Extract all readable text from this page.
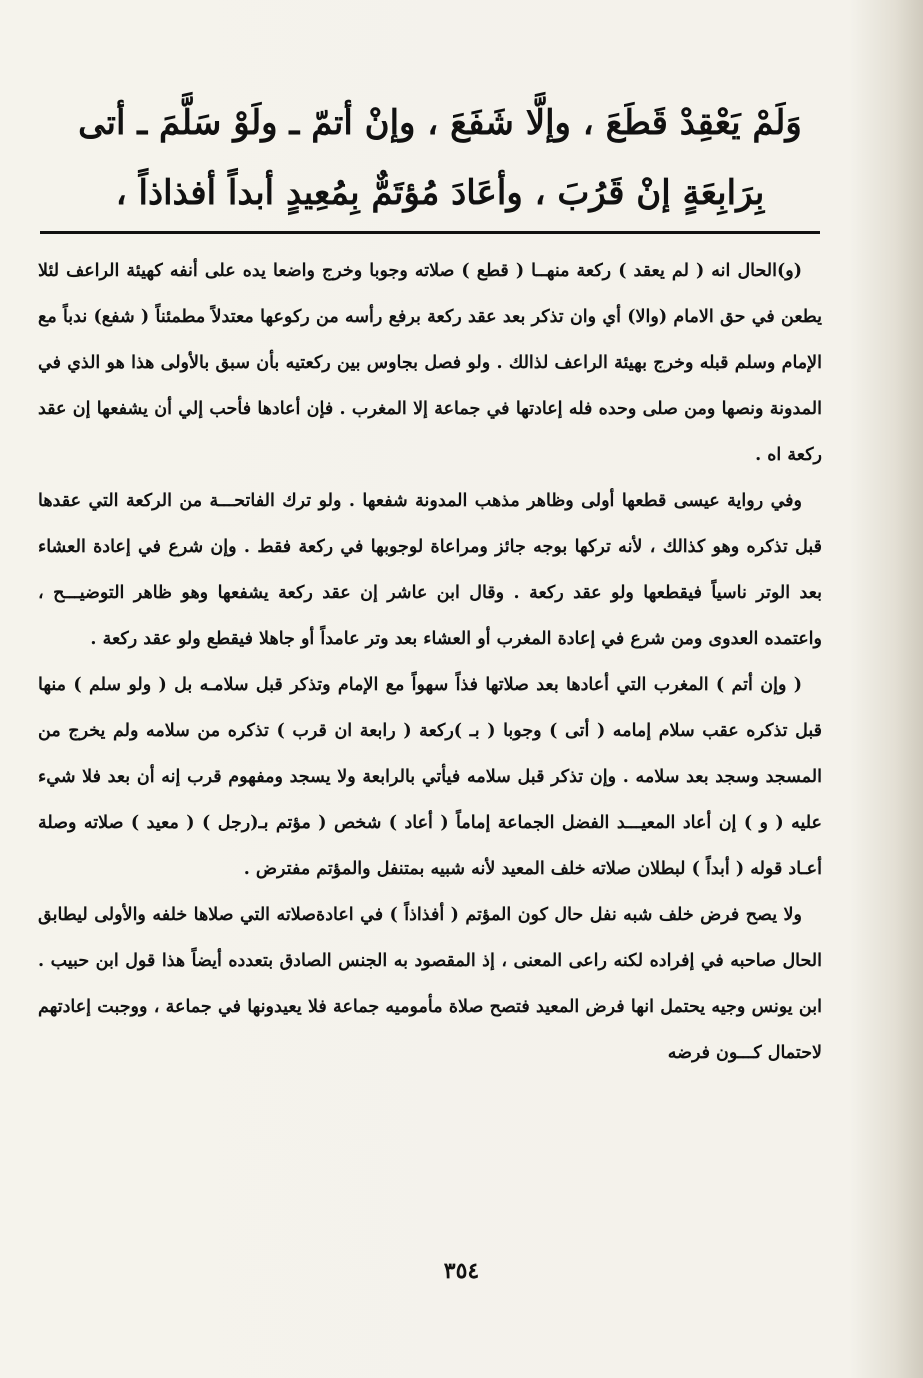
وَلَمْ يَعْقِدْ قَطَعَ ، وإلَّا شَفَعَ ، وإنْ أتمّ ـ ولَوْ سَلَّمَ ـ أتى
بِرَابِعَةٍ إنْ قَرُبَ ، وأعَادَ مُؤتَمٌّ بِمُعِيدٍ أبداً أفذاذاً ،

(و)الحال انه ( لم يعقد ) ركعة منهــا ( قطع ) صلاته وجوبا وخرج واضعا يده على أنفه كهيئة الراعف لئلا يطعن في حق الامام (والا) أي وان تذكر بعد عقد ركعة برفع رأسه من ركوعها معتدلاً مطمئناً ( شفع) ندباً مع الإمام وسلم قبله وخرج بهيئة الراعف لذالك . ولو فصل بجاوس بين ركعتيه بأن سبق بالأولى هذا هو الذي في المدونة ونصها ومن صلى وحده فله إعادتها في جماعة إلا المغرب . فإن أعادها فأحب إلي أن يشفعها إن عقد ركعة اه .

وفي رواية عيسى قطعها أولى وظاهر مذهب المدونة شفعها . ولو ترك الفاتحـــة من الركعة التي عقدها قبل تذكره وهو كذالك ، لأنه تركها بوجه جائز ومراعاة لوجوبها في ركعة فقط . وإن شرع في إعادة العشاء بعد الوتر ناسياً فيقطعها ولو عقد ركعة . وقال ابن عاشر إن عقد ركعة يشفعها وهو ظاهر التوضيـــح ، واعتمده العدوى ومن شرع في إعادة المغرب أو العشاء بعد وتر عامداً أو جاهلا فيقطع ولو عقد ركعة .

( وإن أتم ) المغرب التي أعادها بعد صلاتها فذاً سهواً مع الإمام وتذكر قبل سلامـه بل ( ولو سلم ) منها قبل تذكره عقب سلام إمامه ( أتى ) وجوبا ( بـ )ركعة ( رابعة ان قرب ) تذكره من سلامه ولم يخرج من المسجد وسجد بعد سلامه . وإن تذكر قبل سلامه فيأتي بالرابعة ولا يسجد ومفهوم قرب إنه أن بعد فلا شيء عليه ( و ) إن أعاد المعيـــد الفضل الجماعة إماماً ( أعاد ) شخص ( مؤتم بـ(رجل ) ( معيد ) صلاته وصلة أعـاد قوله ( أبداً ) لبطلان صلاته خلف المعيد لأنه شبيه بمتنفل والمؤتم مفترض .

ولا يصح فرض خلف شبه نفل حال كون المؤتم ( أفذاذاً ) في اعادةصلاته التي صلاها خلفه والأولى ليطابق الحال صاحبه في إفراده لكنه راعى المعنى ، إذ المقصود به الجنس الصادق بتعدده أيضاً هذا قول ابن حبيب . ابن يونس وجيه يحتمل انها فرض المعيد فتصح صلاة مأموميه جماعة فلا يعيدونها في جماعة ، ووجبت إعادتهم لاحتمال كـــون فرضه

٣٥٤
